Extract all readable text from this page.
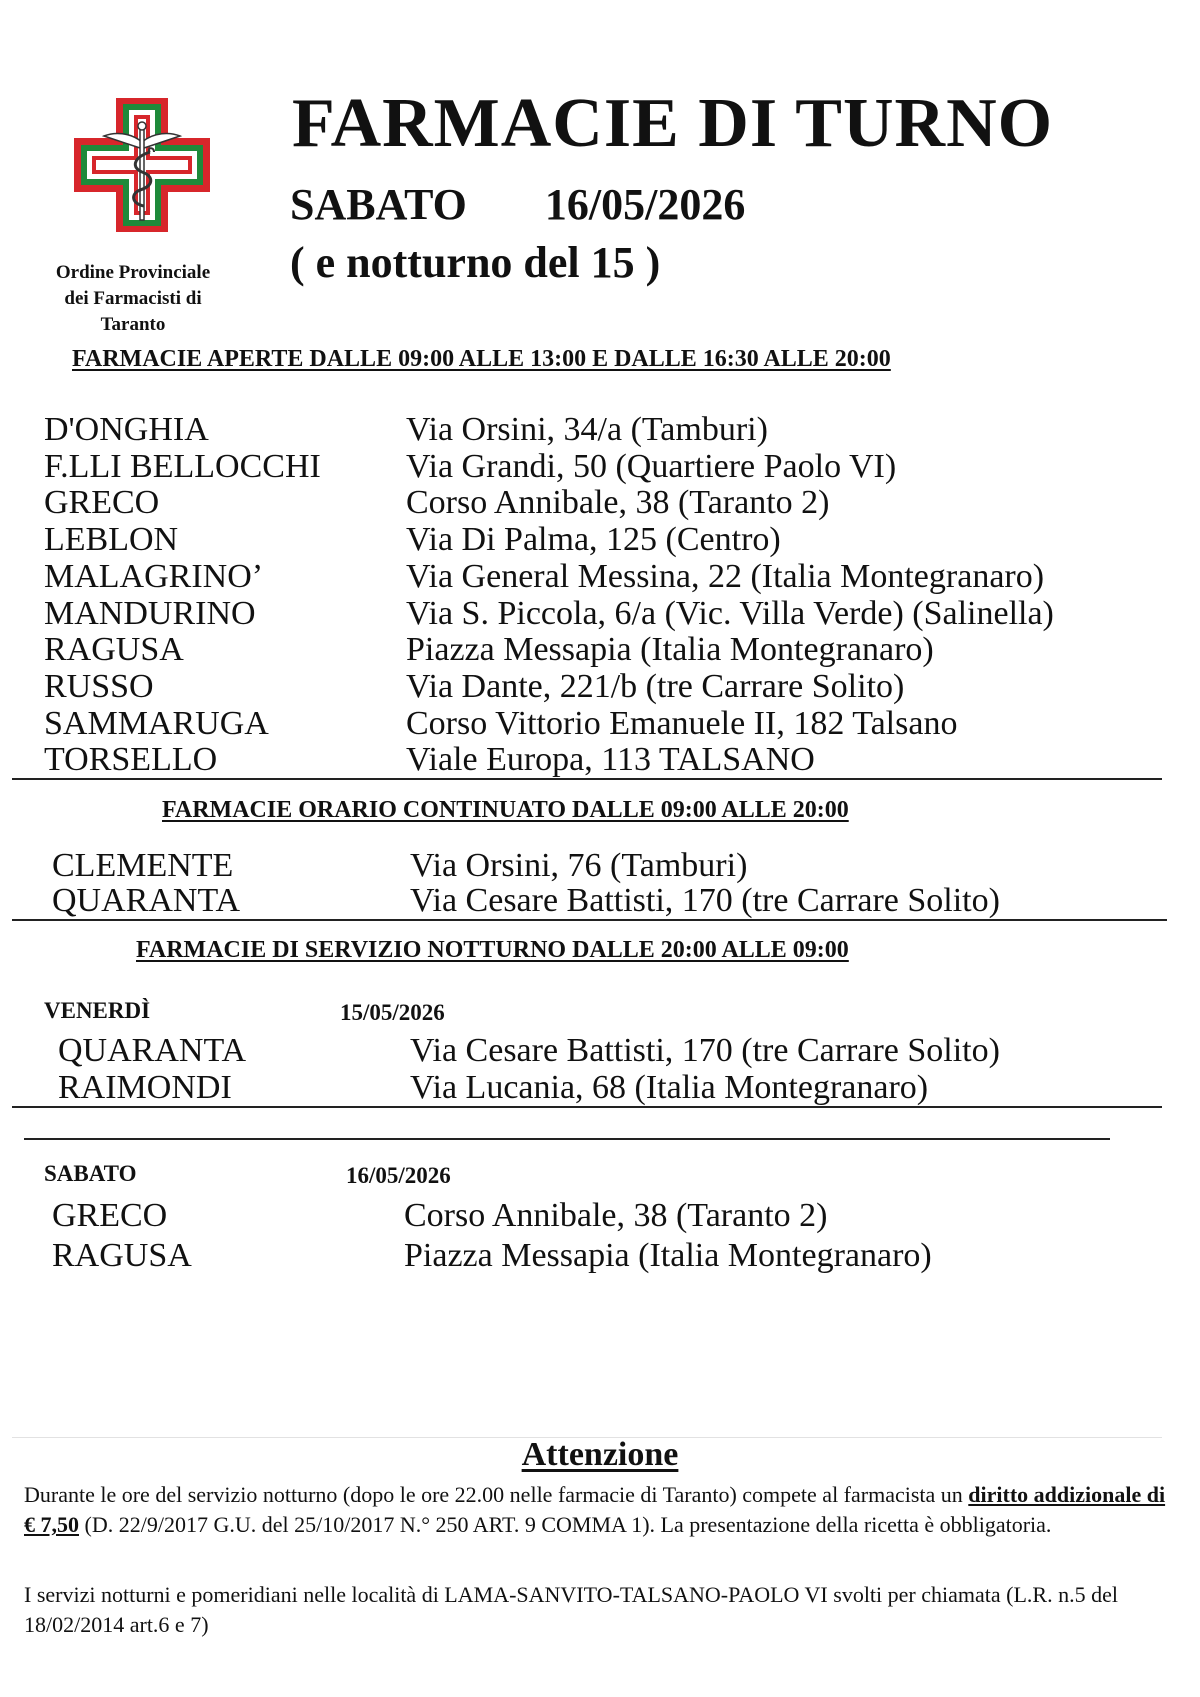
Ordine Provinciale
dei Farmacisti di
Taranto
FARMACIE DI TURNO
SABATO 16/05/2026
( e notturno del 15 )
FARMACIE APERTE DALLE 09:00 ALLE 13:00 E DALLE 16:30 ALLE 20:00
D'ONGHIA	Via Orsini, 34/a (Tamburi)
F.LLI BELLOCCHI	Via Grandi, 50 (Quartiere Paolo VI)
GRECO	Corso Annibale, 38 (Taranto 2)
LEBLON	Via Di Palma, 125 (Centro)
MALAGRINO’	Via General Messina, 22 (Italia Montegranaro)
MANDURINO	Via S. Piccola, 6/a (Vic. Villa Verde) (Salinella)
RAGUSA	Piazza Messapia (Italia Montegranaro)
RUSSO	Via Dante, 221/b (tre Carrare Solito)
SAMMARUGA	Corso Vittorio Emanuele II, 182 Talsano
TORSELLO	Viale Europa, 113 TALSANO
FARMACIE ORARIO CONTINUATO DALLE 09:00 ALLE 20:00
CLEMENTE	Via Orsini, 76 (Tamburi)
QUARANTA	Via Cesare Battisti, 170 (tre Carrare Solito)
FARMACIE DI SERVIZIO NOTTURNO DALLE 20:00 ALLE 09:00
VENERDÌ	15/05/2026
QUARANTA	Via Cesare Battisti, 170 (tre Carrare Solito)
RAIMONDI	Via Lucania, 68 (Italia Montegranaro)
SABATO	16/05/2026
GRECO	Corso Annibale, 38 (Taranto 2)
RAGUSA	Piazza Messapia (Italia Montegranaro)
Attenzione
Durante le ore del servizio notturno (dopo le ore 22.00 nelle farmacie di Taranto) compete al farmacista un diritto addizionale di € 7,50 (D. 22/9/2017 G.U. del 25/10/2017 N.° 250 ART. 9 COMMA 1). La presentazione della ricetta è obbligatoria.
I servizi notturni e pomeridiani nelle località di LAMA-SANVITO-TALSANO-PAOLO VI svolti per chiamata (L.R. n.5 del 18/02/2014 art.6 e 7)
